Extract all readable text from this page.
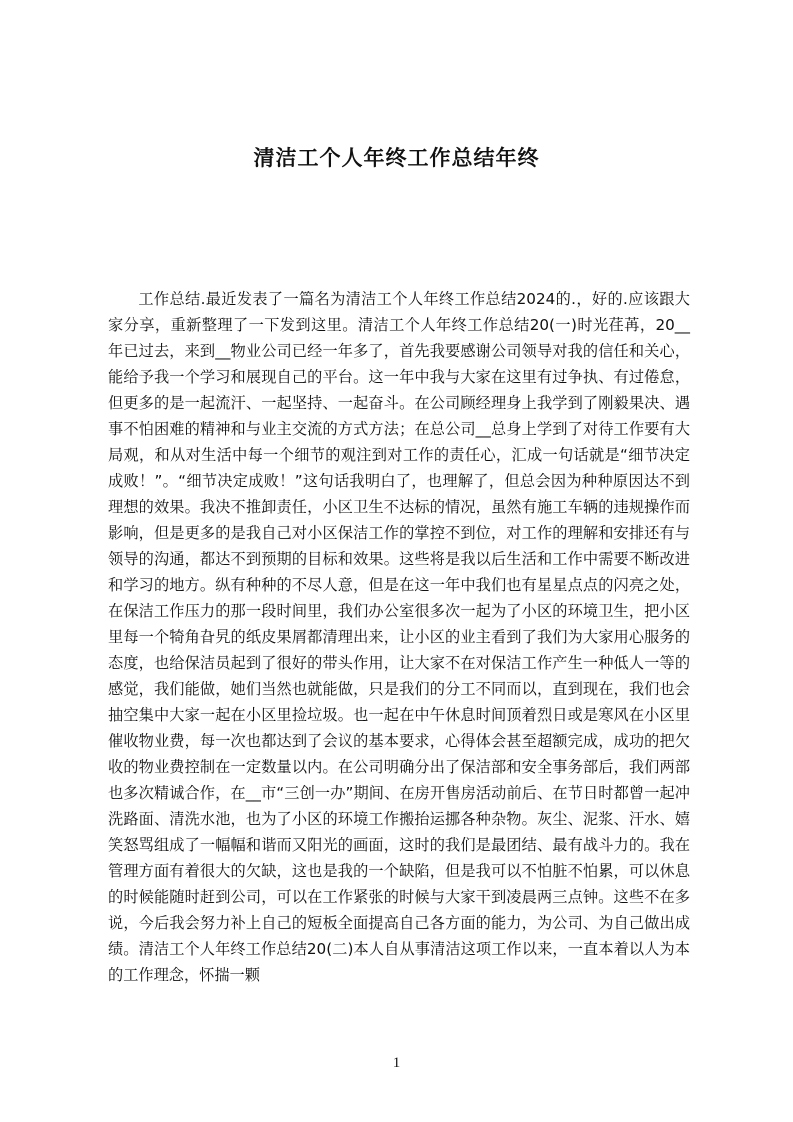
清洁工个人年终工作总结年终

工作总结.最近发表了一篇名为清洁工个人年终工作总结2024的.，好的.应该跟大家分享，重新整理了一下发到这里。清洁工个人年终工作总结20(一)时光荏苒，20__年已过去，来到__物业公司已经一年多了，首先我要感谢公司领导对我的信任和关心，能给予我一个学习和展现自己的平台。这一年中我与大家在这里有过争执、有过倦怠，但更多的是一起流汗、一起坚持、一起奋斗。在公司顾经理身上我学到了刚毅果决、遇事不怕困难的精神和与业主交流的方式方法；在总公司__总身上学到了对待工作要有大局观，和从对生活中每一个细节的观注到对工作的责任心，汇成一句话就是“细节决定成败！”。“细节决定成败！”这句话我明白了，也理解了，但总会因为种种原因达不到理想的效果。我决不推卸责任，小区卫生不达标的情况，虽然有施工车辆的违规操作而影响，但是更多的是我自己对小区保洁工作的掌控不到位，对工作的理解和安排还有与领导的沟通，都达不到预期的目标和效果。这些将是我以后生活和工作中需要不断改进和学习的地方。纵有种种的不尽人意，但是在这一年中我们也有星星点点的闪亮之处，在保洁工作压力的那一段时间里，我们办公室很多次一起为了小区的环境卫生，把小区里每一个犄角旮旯的纸皮果屑都清理出来，让小区的业主看到了我们为大家用心服务的态度，也给保洁员起到了很好的带头作用，让大家不在对保洁工作产生一种低人一等的感觉，我们能做，她们当然也就能做，只是我们的分工不同而以，直到现在，我们也会抽空集中大家一起在小区里捡垃圾。也一起在中午休息时间顶着烈日或是寒风在小区里催收物业费，每一次也都达到了会议的基本要求，心得体会甚至超额完成，成功的把欠收的物业费控制在一定数量以内。在公司明确分出了保洁部和安全事务部后，我们两部也多次精诚合作，在__市“三创一办”期间、在房开售房活动前后、在节日时都曾一起冲洗路面、清洗水池，也为了小区的环境工作搬抬运挪各种杂物。灰尘、泥浆、汗水、嬉笑怒骂组成了一幅幅和谐而又阳光的画面，这时的我们是最团结、最有战斗力的。我在管理方面有着很大的欠缺，这也是我的一个缺陷，但是我可以不怕脏不怕累，可以休息的时候能随时赶到公司，可以在工作紧张的时候与大家干到凌晨两三点钟。这些不在多说，今后我会努力补上自己的短板全面提高自己各方面的能力，为公司、为自己做出成绩。清洁工个人年终工作总结20(二)本人自从事清洁这项工作以来，一直本着以人为本的工作理念，怀揣一颗

1
